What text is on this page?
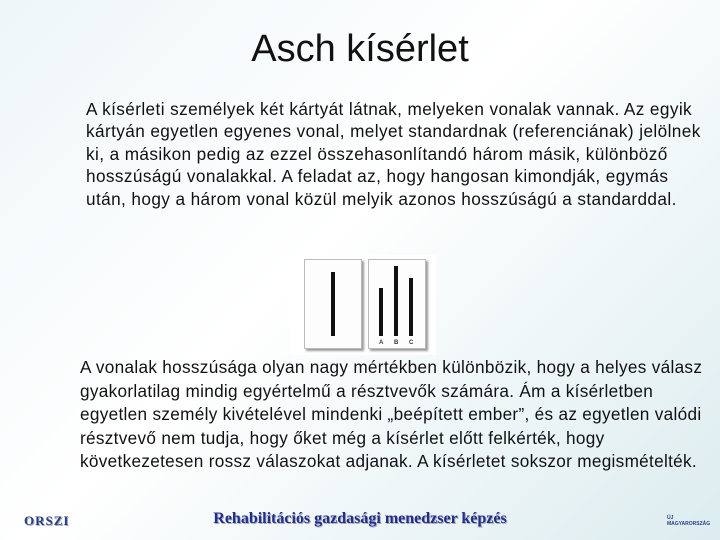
Asch kísérlet
A kísérleti személyek két kártyát látnak, melyeken vonalak vannak. Az egyik kártyán egyetlen egyenes vonal, melyet standardnak (referenciának) jelölnek ki, a másikon pedig az ezzel összehasonlítandó három másik, különböző hosszúságú vonalakkal. A feladat az, hogy hangosan kimondják, egymás után, hogy a három vonal közül melyik azonos hosszúságú a standarddal.
A B C
A vonalak hosszúsága olyan nagy mértékben különbözik, hogy a helyes válasz gyakorlatilag mindig egyértelmű a résztvevők számára. Ám a kísérletben egyetlen személy kivételével mindenki „beépített ember”, és az egyetlen valódi résztvevő nem tudja, hogy őket még a kísérlet előtt felkérték, hogy következetesen rossz válaszokat adjanak. A kísérletet sokszor megismételték.
ORSZI	Rehabilitációs gazdasági menedzser képzés	ÚJ MAGYARORSZÁG
